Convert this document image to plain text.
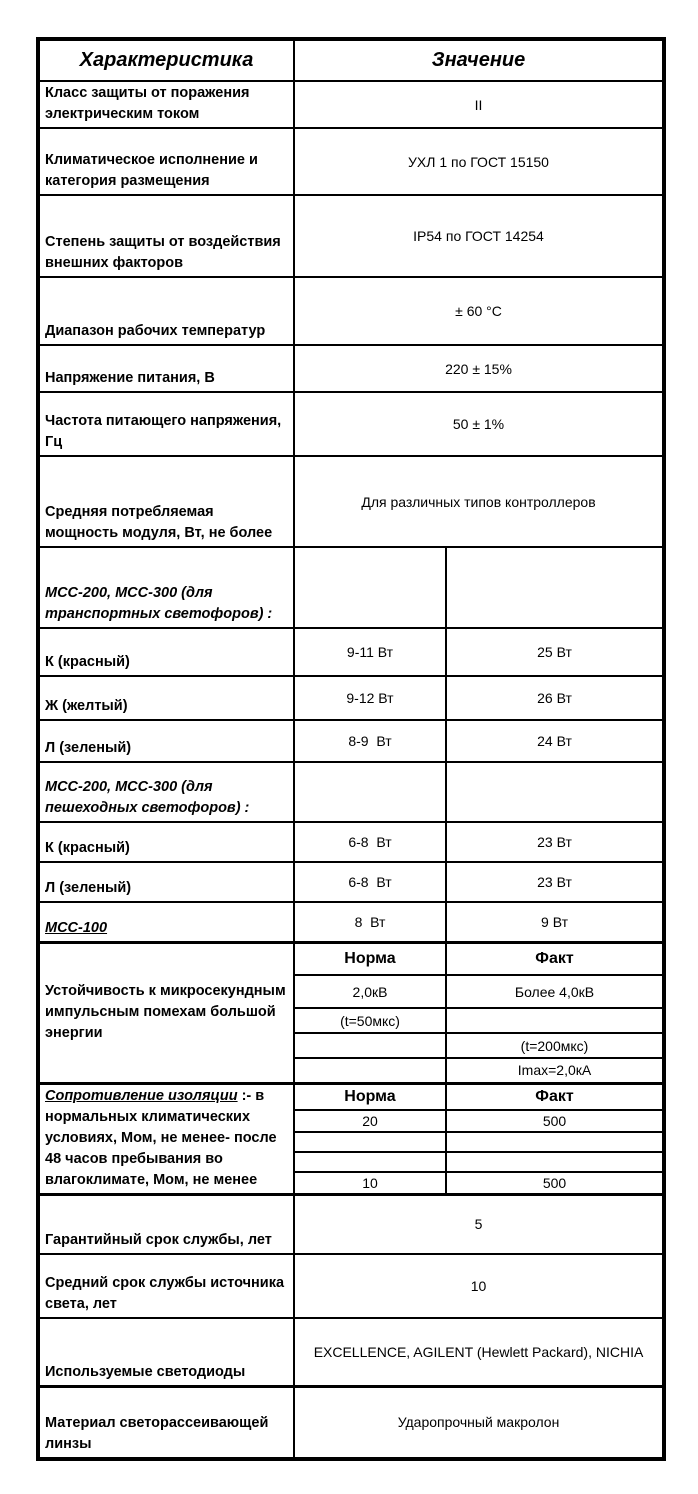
Характеристика	Значение	
Класс защиты от поражения электрическим током	II	
Климатическое исполнение и категория размещения	УХЛ 1 по ГОСТ 15150	
Степень защиты от воздействия внешних факторов	IP54 по ГОСТ 14254	
Диапазон рабочих температур	± 60 °C	
Напряжение питания, В	220 ± 15%	
Частота питающего напряжения, Гц	50 ± 1%	
Средняя потребляемая мощность модуля, Вт, не более	Для различных типов контроллеров	
МСС-200, МСС-300 (для транспортных светофоров) :		
К (красный)	9-11 Вт	25 Вт
Ж (желтый)	9-12 Вт	26 Вт
Л (зеленый)	8-9  Вт	24 Вт
МСС-200, МСС-300 (для пешеходных светофоров) :		
К (красный)	6-8  Вт	23 Вт
Л (зеленый)	6-8  Вт	23 Вт
МСС-100	8  Вт	9 Вт
Устойчивость к микросекундным импульсным помехам большой энергии	Норма	Факт
	2,0кВ	Более 4,0кВ
	(t=50мкс)	
		(t=200мкс)
		Imax=2,0кА
Сопротивление изоляции :- в нормальных климатических условиях, Мом, не менее- после 48 часов пребывания во влагоклимате, Мом, не менее	Норма	Факт
	20	500

	10	500
Гарантийный срок службы, лет	5	
Средний срок службы источника света, лет	10	
Используемые светодиоды	EXCELLENCE, AGILENT (Hewlett Packard), NICHIA	
Материал светорассеивающей линзы	Ударопрочный макролон	
